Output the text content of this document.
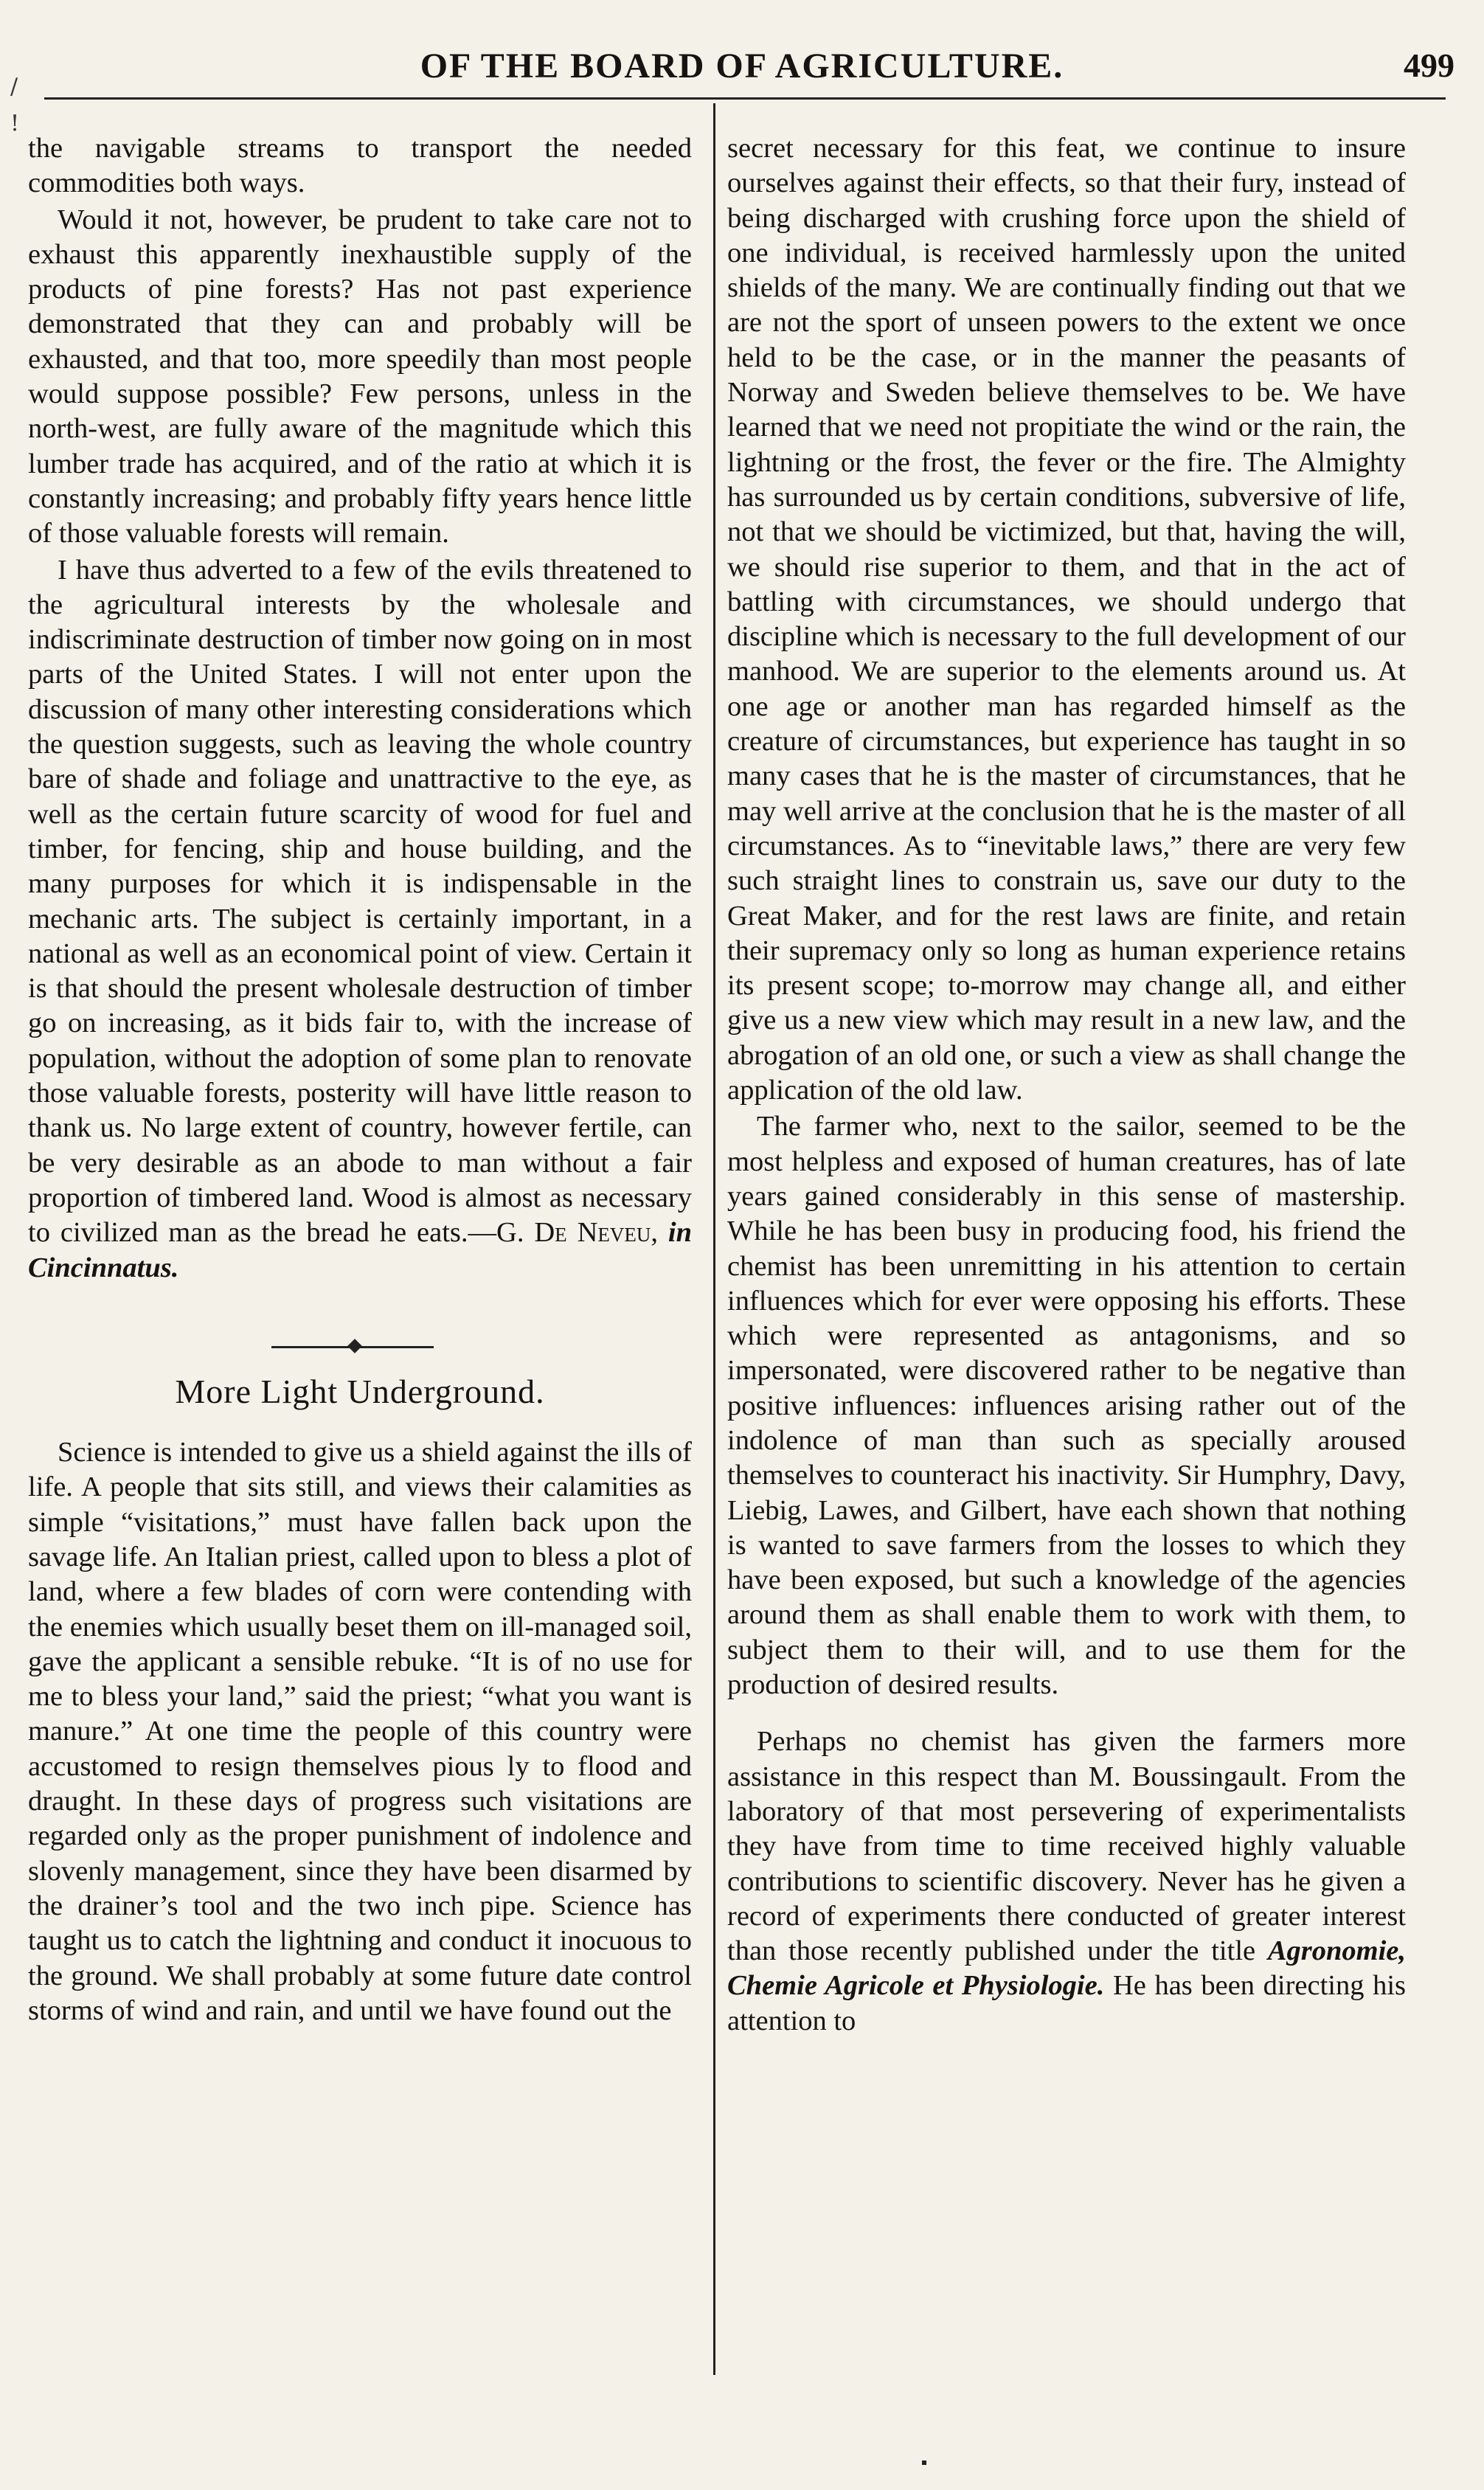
OF THE BOARD OF AGRICULTURE.	499
/
!

the navigable streams to transport the needed commodities both ways.

Would it not, however, be prudent to take care not to exhaust this apparently inexhaustible supply of the products of pine forests? Has not past experience demonstrated that they can and probably will be exhausted, and that too, more speedily than most people would suppose possible? Few persons, unless in the north-west, are fully aware of the magnitude which this lumber trade has acquired, and of the ratio at which it is constantly increasing; and probably fifty years hence little of those valuable forests will remain.

I have thus adverted to a few of the evils threatened to the agricultural interests by the wholesale and indiscriminate destruction of timber now going on in most parts of the United States. I will not enter upon the discussion of many other interesting considerations which the question suggests, such as leaving the whole country bare of shade and foliage and unattractive to the eye, as well as the certain future scarcity of wood for fuel and timber, for fencing, ship and house building, and the many purposes for which it is indispensable in the mechanic arts. The subject is certainly important, in a national as well as an economical point of view. Certain it is that should the present wholesale destruction of timber go on increasing, as it bids fair to, with the increase of population, without the adoption of some plan to renovate those valuable forests, posterity will have little reason to thank us. No large extent of country, however fertile, can be very desirable as an abode to man without a fair proportion of timbered land. Wood is almost as necessary to civilized man as the bread he eats.—G. De Neveu, in Cincinnatus.

More Light Underground.

Science is intended to give us a shield against the ills of life. A people that sits still, and views their calamities as simple “visitations,” must have fallen back upon the savage life. An Italian priest, called upon to bless a plot of land, where a few blades of corn were contending with the enemies which usually beset them on ill-managed soil, gave the applicant a sensible rebuke. “It is of no use for me to bless your land,” said the priest; “what you want is manure.” At one time the people of this country were accustomed to resign themselves pious ly to flood and draught. In these days of progress such visitations are regarded only as the proper punishment of indolence and slovenly management, since they have been disarmed by the drainer’s tool and the two inch pipe. Science has taught us to catch the lightning and conduct it inocuous to the ground. We shall probably at some future date control storms of wind and rain, and until we have found out the

secret necessary for this feat, we continue to insure ourselves against their effects, so that their fury, instead of being discharged with crushing force upon the shield of one individual, is received harmlessly upon the united shields of the many. We are continually finding out that we are not the sport of unseen powers to the extent we once held to be the case, or in the manner the peasants of Norway and Sweden believe themselves to be. We have learned that we need not propitiate the wind or the rain, the lightning or the frost, the fever or the fire. The Almighty has surrounded us by certain conditions, subversive of life, not that we should be victimized, but that, having the will, we should rise superior to them, and that in the act of battling with circumstances, we should undergo that discipline which is necessary to the full development of our manhood. We are superior to the elements around us. At one age or another man has regarded himself as the creature of circumstances, but experience has taught in so many cases that he is the master of circumstances, that he may well arrive at the conclusion that he is the master of all circumstances. As to “inevitable laws,” there are very few such straight lines to constrain us, save our duty to the Great Maker, and for the rest laws are finite, and retain their supremacy only so long as human experience retains its present scope; to-morrow may change all, and either give us a new view which may result in a new law, and the abrogation of an old one, or such a view as shall change the application of the old law.

The farmer who, next to the sailor, seemed to be the most helpless and exposed of human creatures, has of late years gained considerably in this sense of mastership. While he has been busy in producing food, his friend the chemist has been unremitting in his attention to certain influences which for ever were opposing his efforts. These which were represented as antagonisms, and so impersonated, were discovered rather to be negative than positive influences: influences arising rather out of the indolence of man than such as specially aroused themselves to counteract his inactivity. Sir Humphry, Davy, Liebig, Lawes, and Gilbert, have each shown that nothing is wanted to save farmers from the losses to which they have been exposed, but such a knowledge of the agencies around them as shall enable them to work with them, to subject them to their will, and to use them for the production of desired results.

Perhaps no chemist has given the farmers more assistance in this respect than M. Boussingault. From the laboratory of that most persevering of experimentalists they have from time to time received highly valuable contributions to scientific discovery. Never has he given a record of experiments there conducted of greater interest than those recently published under the title Agronomie, Chemie Agricole et Physiologie. He has been directing his attention to
